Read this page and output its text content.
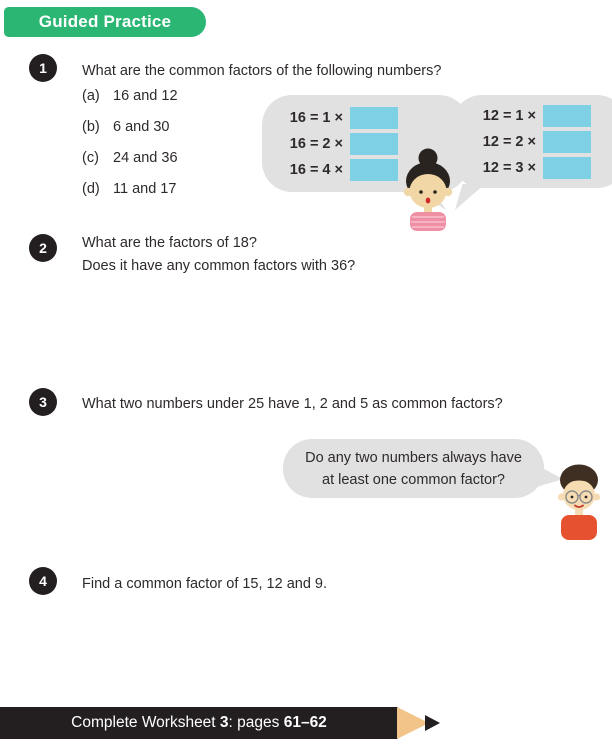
Guided Practice
1 What are the common factors of the following numbers?
(a) 16 and 12
(b) 6 and 30
(c) 24 and 36
(d) 11 and 17
16 = 1 ×
16 = 2 ×
16 = 4 ×
12 = 1 ×
12 = 2 ×
12 = 3 ×
2 What are the factors of 18?
Does it have any common factors with 36?
3 What two numbers under 25 have 1, 2 and 5 as common factors?
Do any two numbers always have
at least one common factor?
4 Find a common factor of 15, 12 and 9.
Complete Worksheet 3 : pages 61–62
